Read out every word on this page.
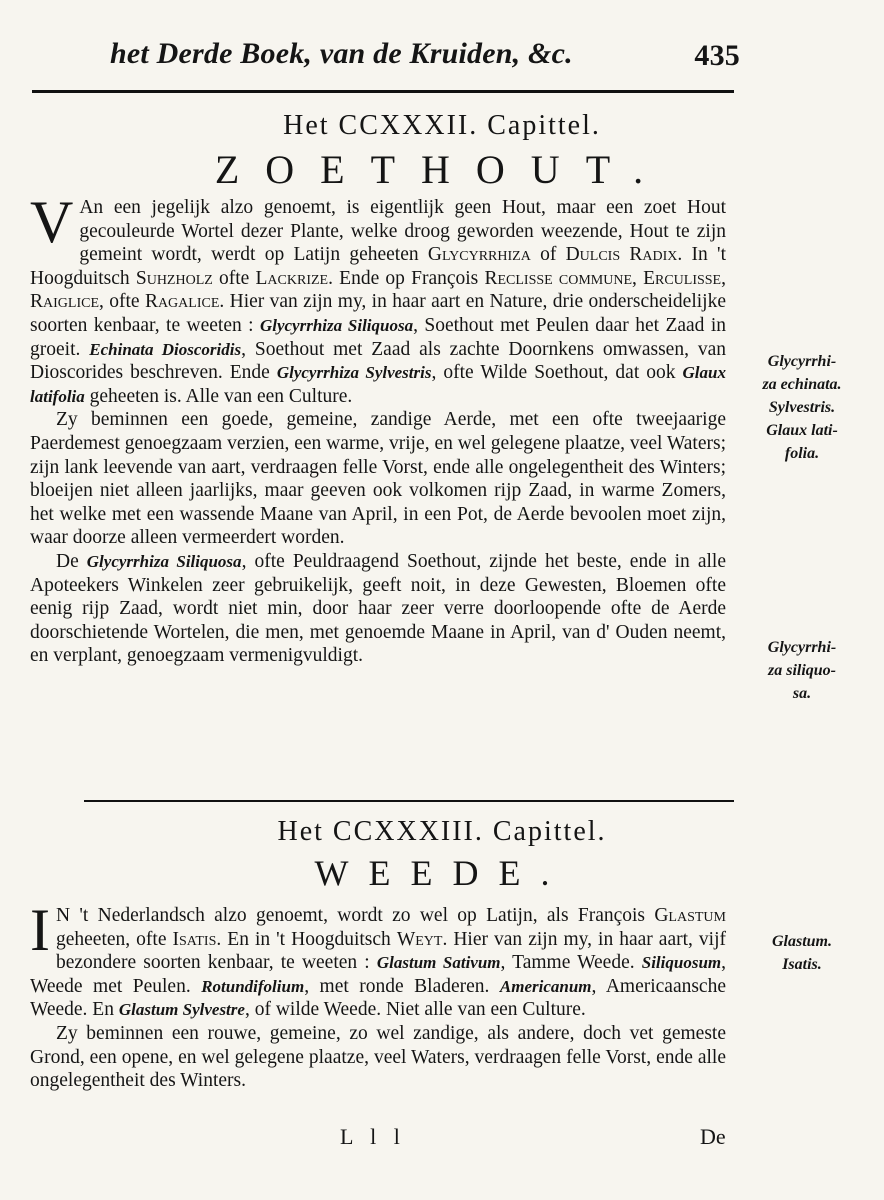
het Derde Boek, van de Kruiden, &c.	435
Het CCXXXII. Capittel.
ZOETHOUT.

V An een jegelijk alzo genoemt, is eigentlijk geen Hout, maar een zoet Hout gecouleurde Wortel dezer Plante, welke droog geworden weezende, Hout te zijn gemeint wordt, werdt op Latijn geheeten Glycyrrhiza of Dulcis Radix. In 't Hoogduitsch Suhzholz ofte Lackrize. Ende op François Reclisse commune, Erculisse, Raiglice, ofte Ragalice. Hier van zijn my, in haar aart en Nature, drie onderscheidelijke soorten kenbaar, te weeten : Glycyrrhiza Siliquosa, Soethout met Peulen daar het Zaad in groeit. Echinata Dioscoridis, Soethout met Zaad als zachte Doornkens omwassen, van Dioscorides beschreven. Ende Glycyrrhiza Sylvestris, ofte Wilde Soethout, dat ook Glaux latifolia geheeten is. Alle van een Culture.

Zy beminnen een goede, gemeine, zandige Aerde, met een ofte tweejaarige Paerdemest genoegzaam verzien, een warme, vrije, en wel gelegene plaatze, veel Waters; zijn lank leevende van aart, verdraagen felle Vorst, ende alle ongelegentheit des Winters; bloeijen niet alleen jaarlijks, maar geeven ook volkomen rijp Zaad, in warme Zomers, het welke met een wassende Maane van April, in een Pot, de Aerde bevoolen moet zijn, waar doorze alleen vermeerdert worden.

De Glycyrrhiza Siliquosa, ofte Peuldraagend Soethout, zijnde het beste, ende in alle Apoteekers Winkelen zeer gebruikelijk, geeft noit, in deze Gewesten, Bloemen ofte eenig rijp Zaad, wordt niet min, door haar zeer verre doorloopende ofte de Aerde doorschietende Wortelen, die men, met genoemde Maane in April, van d' Ouden neemt, en verplant, genoegzaam vermenigvuldigt.

Glycyrrhi-
za echinata.
Sylvestris.
Glaux lati-
folia.
Glycyrrhi-
za siliquo-
sa.
Het CCXXXIII. Capittel.
WEEDE.

I N 't Nederlandsch alzo genoemt, wordt zo wel op Latijn, als François Glastum geheeten, ofte Isatis. En in 't Hoogduitsch Weyt. Hier van zijn my, in haar aart, vijf bezondere soorten kenbaar, te weeten : Glastum Sativum, Tamme Weede. Siliquosum, Weede met Peulen. Rotundifolium, met ronde Bladeren. Americanum, Americaansche Weede. En Glastum Sylvestre, of wilde Weede. Niet alle van een Culture.

Zy beminnen een rouwe, gemeine, zo wel zandige, als andere, doch vet gemeste Grond, een opene, en wel gelegene plaatze, veel Waters, verdraagen felle Vorst, ende alle ongelegentheit des Winters.

Glastum.
Isatis.
L l l	De
